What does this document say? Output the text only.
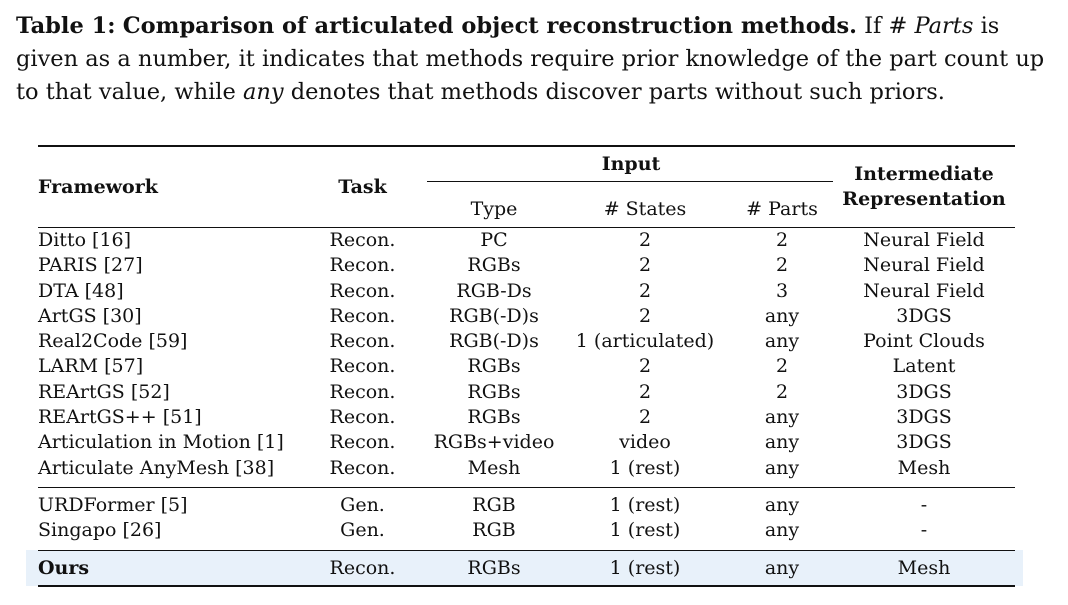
Table 1: Comparison of articulated object reconstruction methods. If # Parts is given as a number, it indicates that methods require prior knowledge of the part count up to that value, while any denotes that methods discover parts without such priors.
Framework	Task	Input			Intermediate
Representation

		Type	# States	# Parts	
Ditto [16]	Recon.	PC	2	2	Neural Field
PARIS [27]	Recon.	RGBs	2	2	Neural Field
DTA [48]	Recon.	RGB-Ds	2	3	Neural Field
ArtGS [30]	Recon.	RGB(-D)s	2	any	3DGS
Real2Code [59]	Recon.	RGB(-D)s	1 (articulated)	any	Point Clouds
LARM [57]	Recon.	RGBs	2	2	Latent
REArtGS [52]	Recon.	RGBs	2	2	3DGS
REArtGS++ [51]	Recon.	RGBs	2	any	3DGS
Articulation in Motion [1]	Recon.	RGBs+video	video	any	3DGS
Articulate AnyMesh [38]	Recon.	Mesh	1 (rest)	any	Mesh
URDFormer [5]	Gen.	RGB	1 (rest)	any	-
Singapo [26]	Gen.	RGB	1 (rest)	any	-
Ours	Recon.	RGBs	1 (rest)	any	Mesh
